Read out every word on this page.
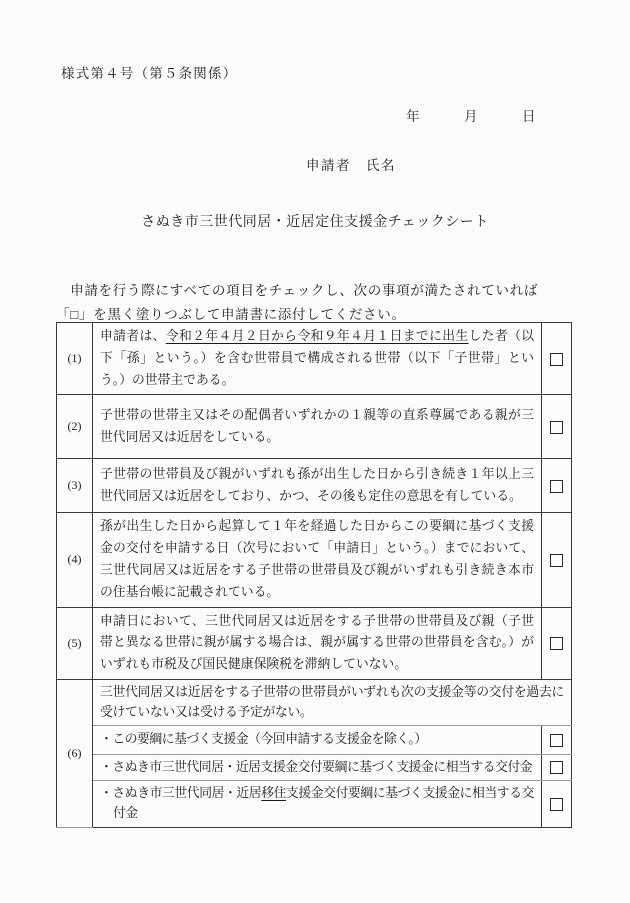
様式第４号（第５条関係）
年　　　月　　　日
申請者　氏名
さぬき市三世代同居・近居定住支援金チェックシート
　申請を行う際にすべての項目をチェックし、次の事項が満たされていれば
「□」を黒く塗りつぶして申請書に添付してください。
(1)	申請者は、令和２年４月２日から令和９年４月１日までに出生した者（以下「孫」という。）を含む世帯員で構成される世帯（以下「子世帯」という。）の世帯主である。	
(2)	子世帯の世帯主又はその配偶者いずれかの１親等の直系尊属である親が三世代同居又は近居をしている。	
(3)	子世帯の世帯員及び親がいずれも孫が出生した日から引き続き１年以上三世代同居又は近居をしており、かつ、その後も定住の意思を有している。	
(4)	孫が出生した日から起算して１年を経過した日からこの要綱に基づく支援金の交付を申請する日（次号において「申請日」という。）までにおいて、三世代同居又は近居をする子世帯の世帯員及び親がいずれも引き続き本市の住基台帳に記載されている。	
(5)	申請日において、三世代同居又は近居をする子世帯の世帯員及び親（子世帯と異なる世帯に親が属する場合は、親が属する世帯の世帯員を含む。）がいずれも市税及び国民健康保険税を滞納していない。	
(6)	三世代同居又は近居をする子世帯の世帯員がいずれも次の支援金等の交付を過去に受けていない又は受ける予定がない。	

	・この要綱に基づく支援金（今回申請する支援金を除く。）	

	・さぬき市三世代同居・近居支援金交付要綱に基づく支援金に相当する交付金	

	・さぬき市三世代同居・近居移住支援金交付要綱に基づく支援金に相当する交付金	
